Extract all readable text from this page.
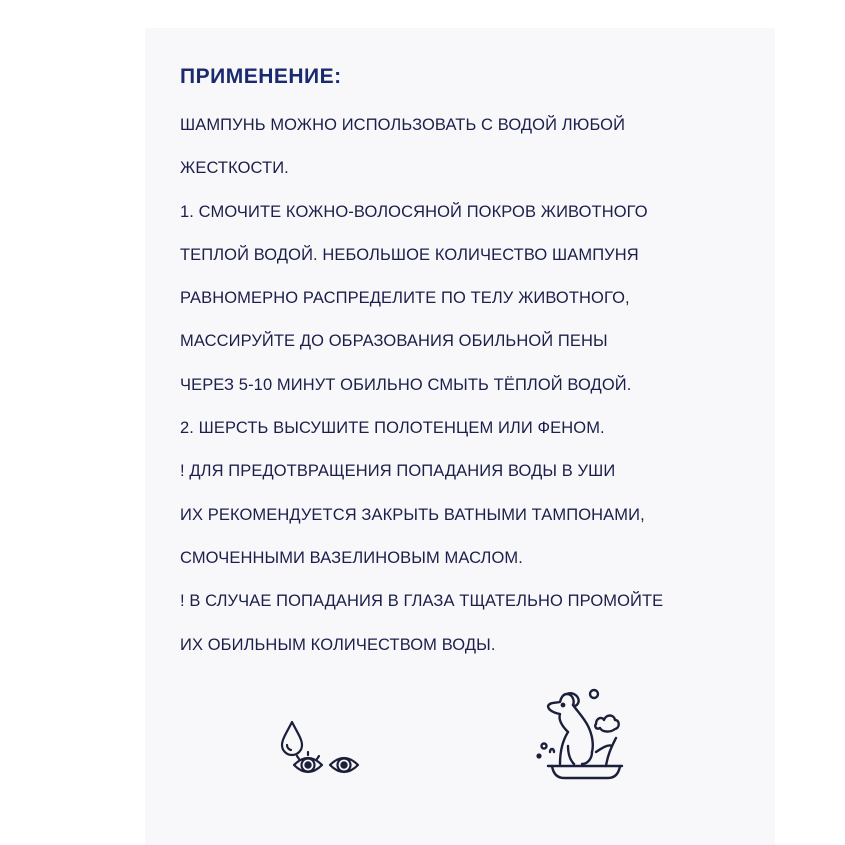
ПРИМЕНЕНИЕ:
ШАМПУНЬ МОЖНО ИСПОЛЬЗОВАТЬ С ВОДОЙ ЛЮБОЙ
ЖЕСТКОСТИ.
1. СМОЧИТЕ КОЖНО-ВОЛОСЯНОЙ ПОКРОВ ЖИВОТНОГО
ТЕПЛОЙ ВОДОЙ. НЕБОЛЬШОЕ КОЛИЧЕСТВО ШАМПУНЯ
РАВНОМЕРНО РАСПРЕДЕЛИТЕ ПО ТЕЛУ ЖИВОТНОГО,
МАССИРУЙТЕ ДО ОБРАЗОВАНИЯ ОБИЛЬНОЙ ПЕНЫ
ЧЕРЕЗ 5-10 МИНУТ ОБИЛЬНО СМЫТЬ ТЁПЛОЙ ВОДОЙ.
2. ШЕРСТЬ ВЫСУШИТЕ ПОЛОТЕНЦЕМ ИЛИ ФЕНОМ.
! ДЛЯ ПРЕДОТВРАЩЕНИЯ ПОПАДАНИЯ ВОДЫ В УШИ
ИХ РЕКОМЕНДУЕТСЯ ЗАКРЫТЬ ВАТНЫМИ ТАМПОНАМИ,
СМОЧЕННЫМИ ВАЗЕЛИНОВЫМ МАСЛОМ.
! В СЛУЧАЕ ПОПАДАНИЯ В ГЛАЗА ТЩАТЕЛЬНО ПРОМОЙТЕ
ИХ ОБИЛЬНЫМ КОЛИЧЕСТВОМ ВОДЫ.
